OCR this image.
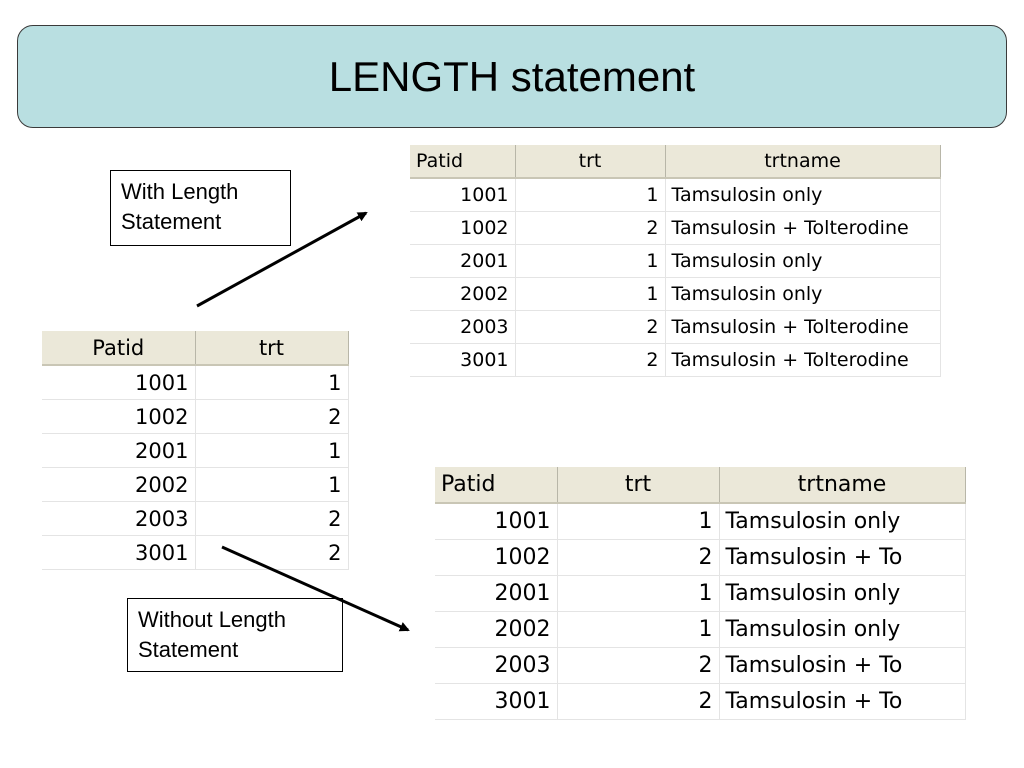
LENGTH statement
With Length
Statement
Without Length
Statement
Patid	trt	trtname
1001	1	Tamsulosin only
1002	2	Tamsulosin + Tolterodine
2001	1	Tamsulosin only
2002	1	Tamsulosin only
2003	2	Tamsulosin + Tolterodine
3001	2	Tamsulosin + Tolterodine
Patid	trt
1001	1
1002	2
2001	1
2002	1
2003	2
3001	2
Patid	trt	trtname
1001	1	Tamsulosin only
1002	2	Tamsulosin + To
2001	1	Tamsulosin only
2002	1	Tamsulosin only
2003	2	Tamsulosin + To
3001	2	Tamsulosin + To
